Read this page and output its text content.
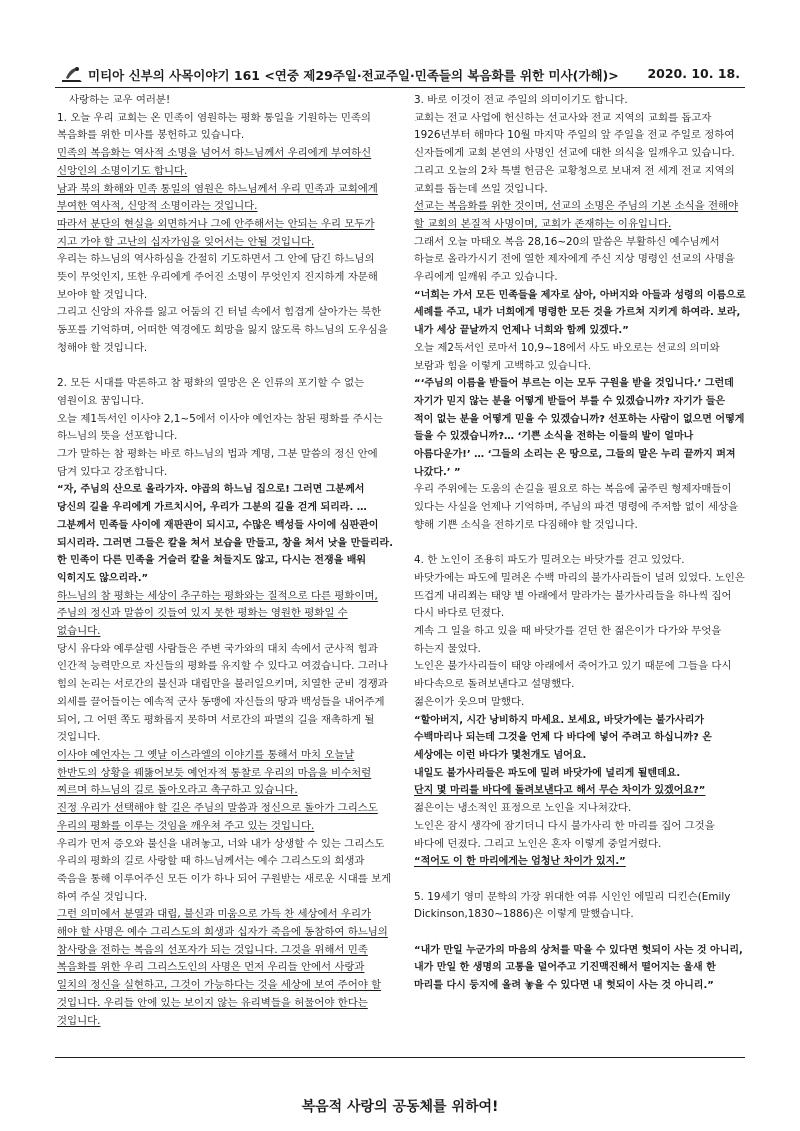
미티아 신부의 사목이야기 161 <연중 제29주일·전교주일·민족들의 복음화를 위한 미사(가해)> 2020. 10. 18.

사랑하는 교우 여러분!

1. 오늘 우리 교회는 온 민족이 염원하는 평화 통일을 기원하는 민족의 복음화를 위한 미사를 봉헌하고 있습니다.

민족의 복음화는 역사적 소명을 넘어서 하느님께서 우리에게 부여하신 신앙인의 소명이기도 합니다.

남과 북의 화해와 민족 통일의 염원은 하느님께서 우리 민족과 교회에게 부여한 역사적, 신앙적 소명이라는 것입니다.

따라서 분단의 현실을 외면하거나 그에 안주해서는 안되는 우리 모두가 지고 가야 할 고난의 십자가임을 잊어서는 안될 것입니다.

우리는 하느님의 역사하심을 간절히 기도하면서 그 안에 담긴 하느님의 뜻이 무엇인지, 또한 우리에게 주어진 소명이 무엇인지 진지하게 자문해 보아야 할 것입니다.

그리고 신앙의 자유를 잃고 어둠의 긴 터널 속에서 힘겹게 살아가는 북한 동포를 기억하며, 어떠한 역경에도 희망을 잃지 않도록 하느님의 도우심을 청해야 할 것입니다.

2. 모든 시대를 막론하고 참 평화의 열망은 온 인류의 포기할 수 없는 염원이요 꿈입니다.

오늘 제1독서인 이사야 2,1~5에서 이사야 예언자는 참된 평화를 주시는 하느님의 뜻을 선포합니다.

그가 말하는 참 평화는 바로 하느님의 법과 계명, 그분 말씀의 정신 안에 담겨 있다고 강조합니다.

“자, 주님의 산으로 올라가자. 야곱의 하느님 집으로! 그러면 그분께서 당신의 길을 우리에게 가르치시어, 우리가 그분의 길을 걷게 되리라. …그분께서 민족들 사이에 재판관이 되시고, 수많은 백성들 사이에 심판관이 되시리라. 그러면 그들은 칼을 쳐서 보습을 만들고, 창을 쳐서 낫을 만들리라. 한 민족이 다른 민족을 거슬러 칼을 쳐들지도 않고, 다시는 전쟁을 배워 익히지도 않으리라.”

하느님의 참 평화는 세상이 추구하는 평화와는 질적으로 다른 평화이며, 주님의 정신과 말씀이 깃들여 있지 못한 평화는 영원한 평화일 수 없습니다.

당시 유다와 예루살렘 사람들은 주변 국가와의 대치 속에서 군사적 힘과 인간적 능력만으로 자신들의 평화를 유지할 수 있다고 여겼습니다. 그러나 힘의 논리는 서로간의 불신과 대립만을 불러일으키며, 치열한 군비 경쟁과 외세를 끌어들이는 예속적 군사 동맹에 자신들의 땅과 백성들을 내어주게 되어, 그 어떤 쪽도 평화롭지 못하며 서로간의 파멸의 길을 재촉하게 될 것입니다.

이사야 예언자는 그 옛날 이스라엘의 이야기를 통해서 마치 오늘날 한반도의 상황을 꿰뚫어보듯 예언자적 통찰로 우리의 마음을 비수처럼 찌르며 하느님의 길로 돌아오라고 촉구하고 있습니다.

진정 우리가 선택해야 할 길은 주님의 말씀과 정신으로 돌아가 그리스도 우리의 평화를 이루는 것임을 깨우쳐 주고 있는 것입니다.

우리가 먼저 증오와 불신을 내려놓고, 너와 내가 상생할 수 있는 그리스도 우리의 평화의 길로 사랑할 때 하느님께서는 예수 그리스도의 희생과 죽음을 통해 이루어주신 모든 이가 하나 되어 구원받는 새로운 시대를 보게 하여 주실 것입니다.

그런 의미에서 분열과 대립, 불신과 미움으로 가득 찬 세상에서 우리가 해야 할 사명은 예수 그리스도의 희생과 십자가 죽음에 동참하여 하느님의 참사랑을 전하는 복음의 선포자가 되는 것입니다. 그것을 위해서 민족 복음화를 위한 우리 그리스도인의 사명은 먼저 우리들 안에서 사랑과 일치의 정신을 실현하고, 그것이 가능하다는 것을 세상에 보여 주어야 할 것입니다. 우리들 안에 있는 보이지 않는 유리벽들을 허물어야 한다는 것입니다.

3. 바로 이것이 전교 주일의 의미이기도 합니다.

교회는 전교 사업에 헌신하는 선교사와 전교 지역의 교회를 돕고자 1926년부터 해마다 10월 마지막 주일의 앞 주일을 전교 주일로 정하여 신자들에게 교회 본연의 사명인 선교에 대한 의식을 일깨우고 있습니다.

그리고 오늘의 2차 특별 헌금은 교황청으로 보내져 전 세계 전교 지역의 교회를 돕는데 쓰일 것입니다.

선교는 복음화를 위한 것이며, 선교의 소명은 주님의 기본 소식을 전해야 할 교회의 본질적 사명이며, 교회가 존재하는 이유입니다.

그래서 오늘 마태오 복음 28,16~20의 말씀은 부활하신 예수님께서 하늘로 올라가시기 전에 열한 제자에게 주신 지상 명령인 선교의 사명을 우리에게 일깨워 주고 있습니다.

“너희는 가서 모든 민족들을 제자로 삼아, 아버지와 아들과 성령의 이름으로 세례를 주고, 내가 너희에게 명령한 모든 것을 가르쳐 지키게 하여라. 보라, 내가 세상 끝날까지 언제나 너희와 함께 있겠다.”

오늘 제2독서인 로마서 10,9~18에서 사도 바오로는 선교의 의미와 보람과 힘을 이렇게 고백하고 있습니다.

“‘주님의 이름을 받들어 부르는 이는 모두 구원을 받을 것입니다.’ 그런데 자기가 믿지 않는 분을 어떻게 받들어 부를 수 있겠습니까? 자기가 들은 적이 없는 분을 어떻게 믿을 수 있겠습니까? 선포하는 사람이 없으면 어떻게 들을 수 있겠습니까?… ‘기쁜 소식을 전하는 이들의 발이 얼마나 아름다운가!’ … ‘그들의 소리는 온 땅으로, 그들의 말은 누리 끝까지 퍼져 나갔다.’ ”

우리 주위에는 도움의 손길을 필요로 하는 복음에 굶주린 형제자매들이 있다는 사실을 언제나 기억하며, 주님의 파견 명령에 주저함 없이 세상을 향해 기쁜 소식을 전하기로 다짐해야 할 것입니다.

4. 한 노인이 조용히 파도가 밀려오는 바닷가를 걷고 있었다.

바닷가에는 파도에 밀려온 수백 마리의 불가사리들이 널려 있었다. 노인은 뜨겁게 내리쬐는 태양 볕 아래에서 말라가는 불가사리들을 하나씩 집어 다시 바다로 던졌다.

계속 그 일을 하고 있을 때 바닷가를 걷던 한 젊은이가 다가와 무엇을 하는지 물었다.

노인은 불가사리들이 태양 아래에서 죽어가고 있기 때문에 그들을 다시 바다속으로 돌려보낸다고 설명했다.

젊은이가 웃으며 말했다.

“할아버지, 시간 낭비하지 마세요. 보세요, 바닷가에는 불가사리가 수백마리나 되는데 그것을 언제 다 바다에 넣어 주려고 하십니까? 온 세상에는 이런 바다가 몇천개도 넘어요.

내일도 불가사리들은 파도에 밀려 바닷가에 널리게 될텐데요.

단지 몇 마리를 바다에 돌려보낸다고 해서 무슨 차이가 있겠어요?”

젊은이는 냉소적인 표정으로 노인을 지나쳐갔다.

노인은 잠시 생각에 잠기더니 다시 불가사리 한 마리를 집어 그것을 바다에 던졌다. 그리고 노인은 혼자 이렇게 중얼거렸다.

“적어도 이 한 마리에게는 엄청난 차이가 있지.”

5. 19세기 영미 문학의 가장 위대한 여류 시인인 에밀리 디킨슨(Emily Dickinson,1830~1886)은 이렇게 말했습니다.

“내가 만일 누군가의 마음의 상처를 막을 수 있다면 헛되이 사는 것 아니리, 내가 만일 한 생명의 고통을 덜어주고 기진맥진해서 떨어지는 울새 한 마리를 다시 둥지에 올려 놓을 수 있다면 내 헛되이 사는 것 아니리.”

복음적 사랑의 공동체를 위하여!
